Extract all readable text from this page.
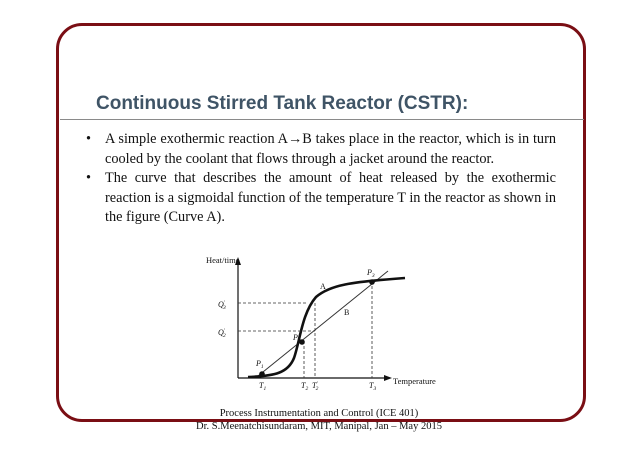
Continuous Stirred Tank Reactor (CSTR):
• A simple exothermic reaction A→B takes place in the reactor, which is in turn cooled by the coolant that flows through a jacket around the reactor.
• The curve that describes the amount of heat released by the exothermic reaction is a sigmoidal function of the temperature T in the reactor as shown in the figure (Curve A).
Heat/time
Temperature
$P_1$
$P_2$
$P_3$
A
B
Q′ 3
Q′ 2
$T_1$	$T_2$ T′ 2	$T_3$
Process Instrumentation and Control (ICE 401)
Dr. S.Meenatchisundaram, MIT, Manipal, Jan – May 2015
